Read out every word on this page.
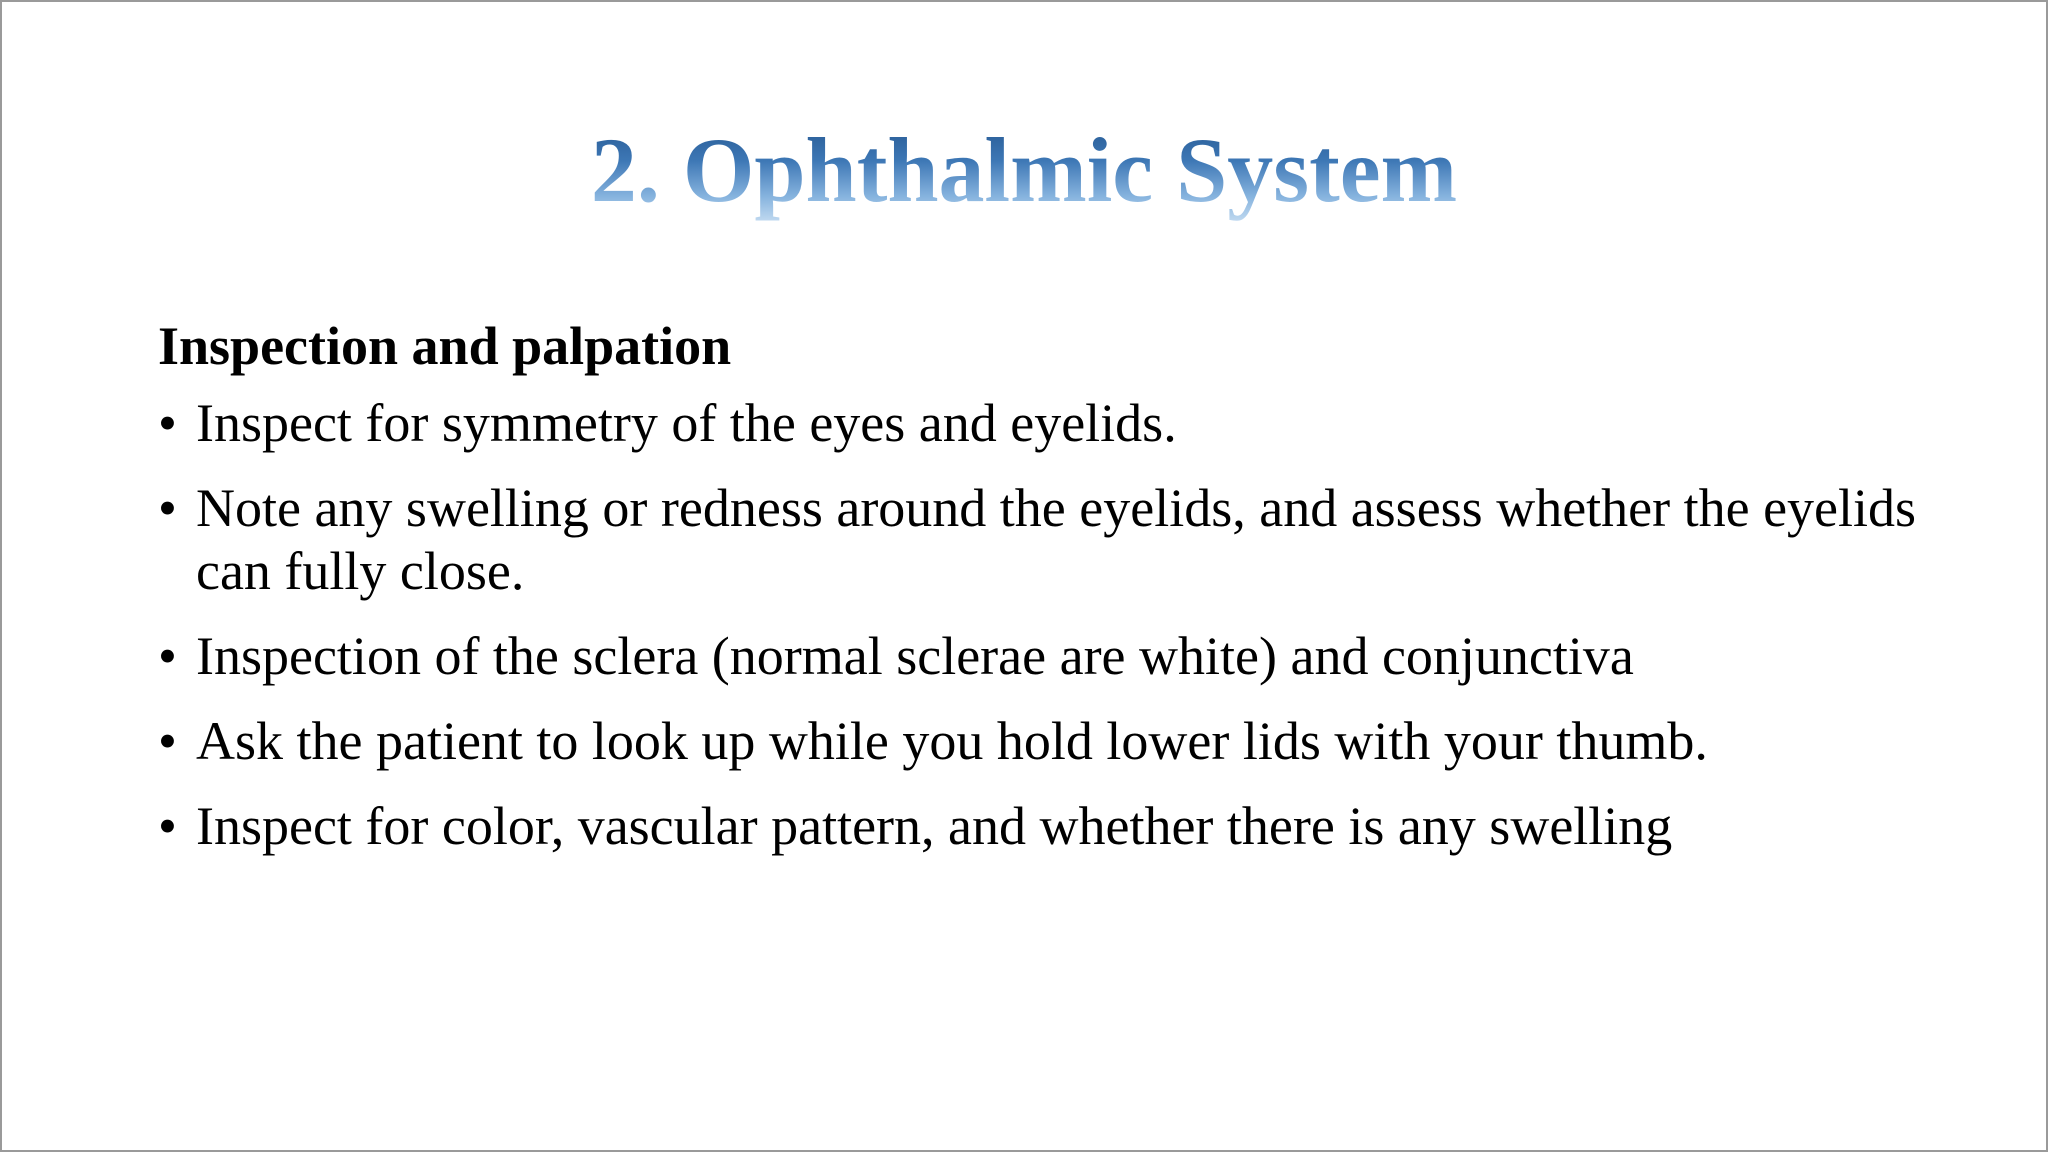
2. Ophthalmic System
Inspection and palpation
• Inspect for symmetry of the eyes and eyelids.
• Note any swelling or redness around the eyelids, and assess whether the eyelids can fully close.
• Inspection of the sclera (normal sclerae are white) and conjunctiva
• Ask the patient to look up while you hold lower lids with your thumb.
• Inspect for color, vascular pattern, and whether there is any swelling
